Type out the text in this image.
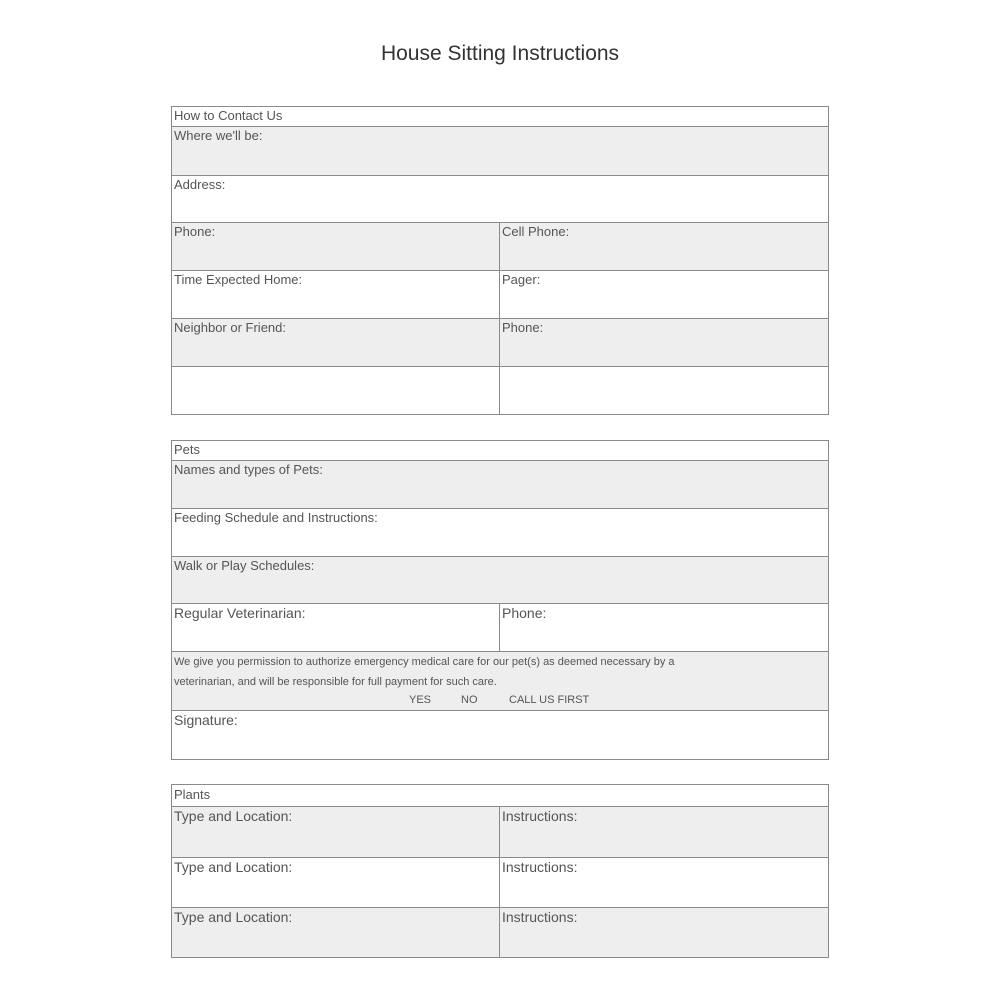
House Sitting Instructions
How to Contact Us
Where we'll be:
Address:
Phone:	Cell Phone:
Time Expected Home:	Pager:
Neighbor or Friend:	Phone:
Pets
Names and types of Pets:
Feeding Schedule and Instructions:
Walk or Play Schedules:
Regular Veterinarian:	Phone:
We give you permission to authorize emergency medical care for our pet(s) as deemed necessary by a
veterinarian, and will be responsible for full payment for such care.
YES	NO	CALL US FIRST
Signature:
Plants
Type and Location:	Instructions:
Type and Location:	Instructions:
Type and Location:	Instructions:
